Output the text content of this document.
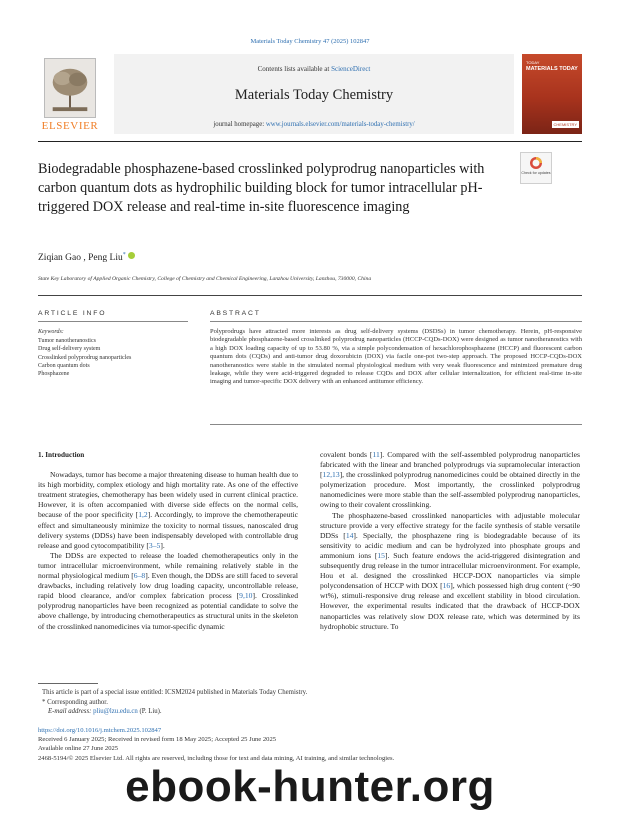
Materials Today Chemistry 47 (2025) 102847
ELSEVIER
Contents lists available at ScienceDirect
Materials Today Chemistry
journal homepage: www.journals.elsevier.com/materials-today-chemistry/
TODAY
MATERIALS TODAY
CHEMISTRY
Check for updates
Biodegradable phosphazene-based crosslinked polyprodrug nanoparticles with carbon quantum dots as hydrophilic building block for tumor intracellular pH-triggered DOX release and real-time in-site fluorescence imaging
Ziqian Gao , Peng Liu*
State Key Laboratory of Applied Organic Chemistry, College of Chemistry and Chemical Engineering, Lanzhou University, Lanzhou, 730000, China
ARTICLE INFO
Keywords:
Tumor nanotheranostics
Drug self-delivery system
Crosslinked polyprodrug nanoparticles
Carbon quantum dots
Phosphazene
ABSTRACT

Polyprodrugs have attracted more interests as drug self-delivery systems (DSDSs) in tumor chemotherapy. Herein, pH-responsive biodegradable phosphazene-based crosslinked polyprodrug nanoparticles (HCCP-CQDs-DOX) were designed as tumor nanotheranostics with a high DOX loading capacity of up to 53.80 %, via a simple polycondensation of hexachlorophosphazene (HCCP) and fluorescent carbon quantum dots (CQDs) and anti-tumor drug doxorubicin (DOX) via facile one-pot two-step approach. The proposed HCCP-CQDs-DOX nanotheranostics were stable in the simulated normal physiological medium with very weak fluorescence and minimized premature drug leakage, while they were acid-triggered degraded to release CQDs and DOX after cellular internalization, for efficient real-time in-site imaging and tumor-specific DOX delivery with an enhanced antitumor efficiency.

1. Introduction

Nowadays, tumor has become a major threatening disease to human health due to its high morbidity, complex etiology and high mortality rate. As one of the effective treatment strategies, chemotherapy has been widely used in current clinical practice. However, it is often accompanied with diverse side effects on the normal cells, because of the poor specificity [1,2]. Accordingly, to improve the chemotherapeutic effect and simultaneously minimize the toxicity to normal tissues, nanoscaled drug delivery systems (DDSs) have been indispensably developed with controllable drug release and good cytocompatibility [3–5].

The DDSs are expected to release the loaded chemotherapeutics only in the tumor intracellular microenvironment, while remaining relatively stable in the normal physiological medium [6–8]. Even though, the DDSs are still faced to several drawbacks, including relatively low drug loading capacity, uncontrollable release, rapid blood clearance, and/or complex fabrication process [9,10]. Crosslinked polyprodrug nanoparticles have been recognized as potential candidate to solve the above challenge, by introducing chemotherapeutics as structural units in the skeleton of the crosslinked nanomedicines via tumor-specific dynamic

covalent bonds [11]. Compared with the self-assembled polyprodrug nanoparticles fabricated with the linear and branched polyprodrugs via supramolecular interaction [12,13], the crosslinked polyprodrug nanomedicines could be obtained directly in the polymerization procedure. Most importantly, the crosslinked polyprodrug nanomedicines were more stable than the self-assembled polyprodrug nanoparticles, owing to their covalent crosslinking.

The phosphazene-based crosslinked nanoparticles with adjustable molecular structure provide a very effective strategy for the facile synthesis of stable versatile DDSs [14]. Specially, the phosphazene ring is biodegradable because of its sensitivity to acidic medium and can be hydrolyzed into phosphate groups and ammonium ions [15]. Such feature endows the acid-triggered disintegration and subsequently drug release in the tumor intracellular microenvironment. For example, Hou et al. designed the crosslinked HCCP-DOX nanoparticles via simple polycondensation of HCCP with DOX [16], which possessed high drug content (~90 wt%), stimuli-responsive drug release and excellent stability in blood circulation. However, the experimental results indicated that the drawback of HCCP-DOX nanoparticles was relatively slow DOX release rate, which was determined by its hydrophobic structure. To

This article is part of a special issue entitled: ICSM2024 published in Materials Today Chemistry.
* Corresponding author.
E-mail address: pliu@lzu.edu.cn (P. Liu).
https://doi.org/10.1016/j.mtchem.2025.102847
Received 6 January 2025; Received in revised form 18 May 2025; Accepted 25 June 2025
Available online 27 June 2025
2468-5194/© 2025 Elsevier Ltd. All rights are reserved, including those for text and data mining, AI training, and similar technologies.
ebook-hunter.org
